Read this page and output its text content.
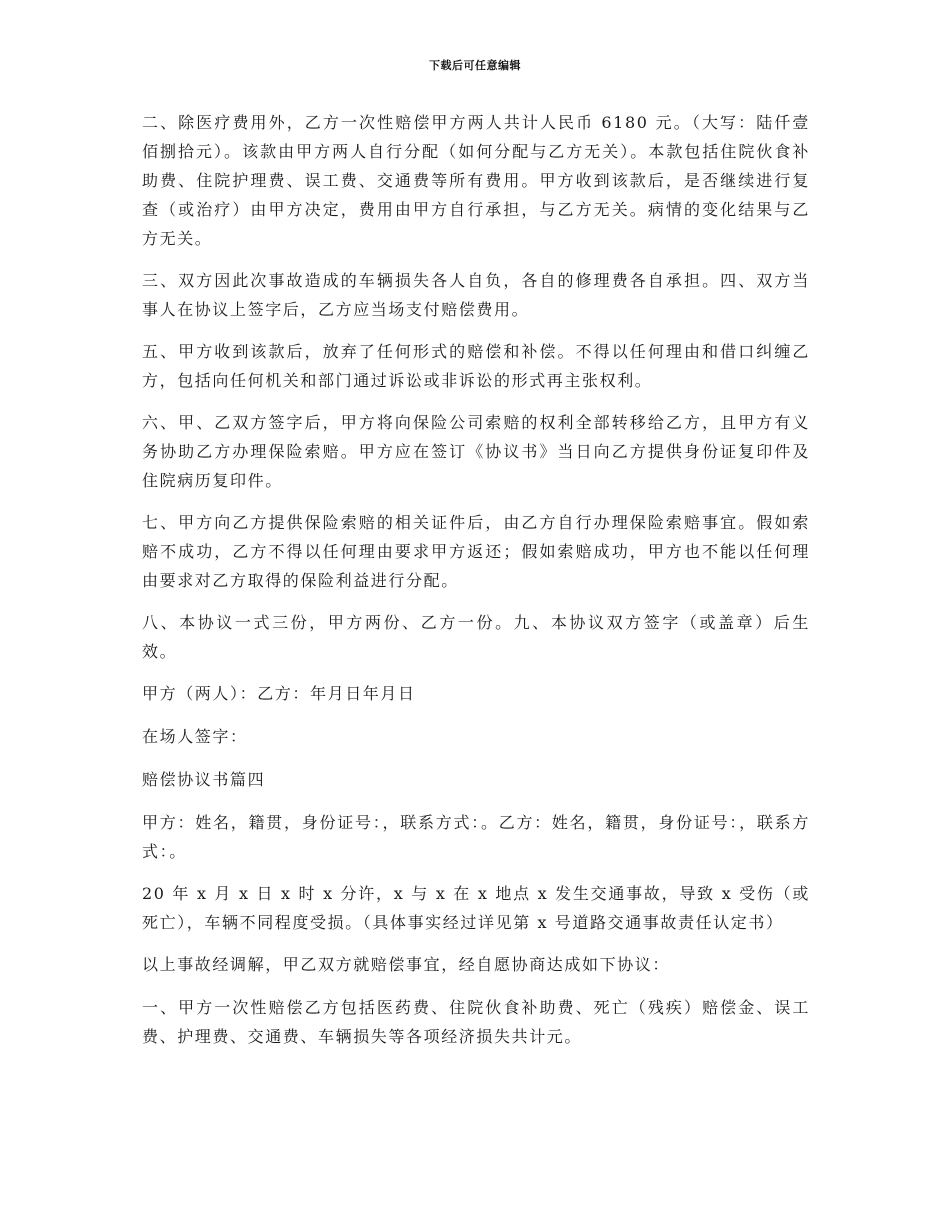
下载后可任意编辑

二、除医疗费用外，乙方一次性赔偿甲方两人共计人民币 6180 元。（大写：陆仟壹佰捌拾元）。该款由甲方两人自行分配（如何分配与乙方无关）。本款包括住院伙食补助费、住院护理费、误工费、交通费等所有费用。甲方收到该款后，是否继续进行复查（或治疗）由甲方决定，费用由甲方自行承担，与乙方无关。病情的变化结果与乙方无关。

三、双方因此次事故造成的车辆损失各人自负，各自的修理费各自承担。四、双方当事人在协议上签字后，乙方应当场支付赔偿费用。

五、甲方收到该款后，放弃了任何形式的赔偿和补偿。不得以任何理由和借口纠缠乙方，包括向任何机关和部门通过诉讼或非诉讼的形式再主张权利。

六、甲、乙双方签字后，甲方将向保险公司索赔的权利全部转移给乙方，且甲方有义务协助乙方办理保险索赔。甲方应在签订《协议书》当日向乙方提供身份证复印件及住院病历复印件。

七、甲方向乙方提供保险索赔的相关证件后，由乙方自行办理保险索赔事宜。假如索赔不成功，乙方不得以任何理由要求甲方返还；假如索赔成功，甲方也不能以任何理由要求对乙方取得的保险利益进行分配。

八、本协议一式三份，甲方两份、乙方一份。九、本协议双方签字（或盖章）后生效。

甲方（两人）：乙方：年月日年月日

在场人签字：

赔偿协议书篇四

甲方：姓名，籍贯，身份证号：，联系方式：。乙方：姓名，籍贯，身份证号：，联系方式：。

20 年 x 月 x 日 x 时 x 分许，x 与 x 在 x 地点 x 发生交通事故，导致 x 受伤（或死亡），车辆不同程度受损。（具体事实经过详见第 x 号道路交通事故责任认定书）

以上事故经调解，甲乙双方就赔偿事宜，经自愿协商达成如下协议：

一、甲方一次性赔偿乙方包括医药费、住院伙食补助费、死亡（残疾）赔偿金、误工费、护理费、交通费、车辆损失等各项经济损失共计元。
